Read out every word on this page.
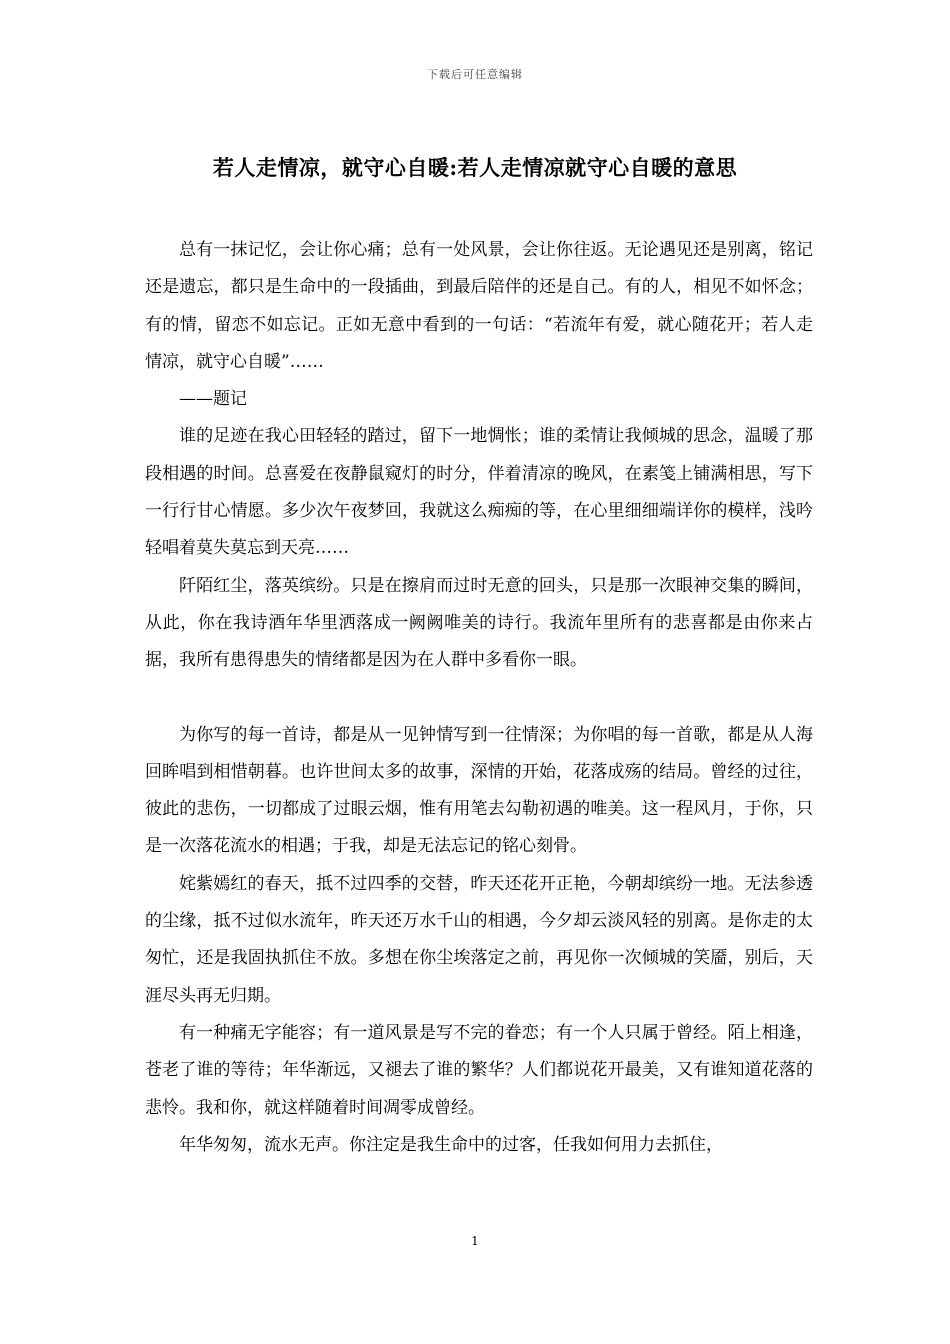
下载后可任意编辑
若人走情凉，就守心自暖:若人走情凉就守心自暖的意思

总有一抹记忆，会让你心痛；总有一处风景，会让你往返。无论遇见还是别离，铭记还是遗忘，都只是生命中的一段插曲，到最后陪伴的还是自己。有的人，相见不如怀念；有的情，留恋不如忘记。正如无意中看到的一句话：“若流年有爱，就心随花开；若人走情凉，就守心自暖”……

——题记

谁的足迹在我心田轻轻的踏过，留下一地惆怅；谁的柔情让我倾城的思念，温暖了那段相遇的时间。总喜爱在夜静鼠窥灯的时分，伴着清凉的晚风，在素笺上铺满相思，写下一行行甘心情愿。多少次午夜梦回，我就这么痴痴的等，在心里细细端详你的模样，浅吟轻唱着莫失莫忘到天亮……

阡陌红尘，落英缤纷。只是在擦肩而过时无意的回头，只是那一次眼神交集的瞬间，从此，你在我诗酒年华里洒落成一阙阙唯美的诗行。我流年里所有的悲喜都是由你来占据，我所有患得患失的情绪都是因为在人群中多看你一眼。

为你写的每一首诗，都是从一见钟情写到一往情深；为你唱的每一首歌，都是从人海回眸唱到相惜朝暮。也许世间太多的故事，深情的开始，花落成殇的结局。曾经的过往，彼此的悲伤，一切都成了过眼云烟，惟有用笔去勾勒初遇的唯美。这一程风月，于你，只是一次落花流水的相遇；于我，却是无法忘记的铭心刻骨。

姹紫嫣红的春天，抵不过四季的交替，昨天还花开正艳，今朝却缤纷一地。无法参透的尘缘，抵不过似水流年，昨天还万水千山的相遇，今夕却云淡风轻的别离。是你走的太匆忙，还是我固执抓住不放。多想在你尘埃落定之前，再见你一次倾城的笑靥，别后，天涯尽头再无归期。

有一种痛无字能容；有一道风景是写不完的眷恋；有一个人只属于曾经。陌上相逢，苍老了谁的等待；年华渐远，又褪去了谁的繁华？人们都说花开最美，又有谁知道花落的悲怜。我和你，就这样随着时间凋零成曾经。

年华匆匆，流水无声。你注定是我生命中的过客，任我如何用力去抓住，

1
